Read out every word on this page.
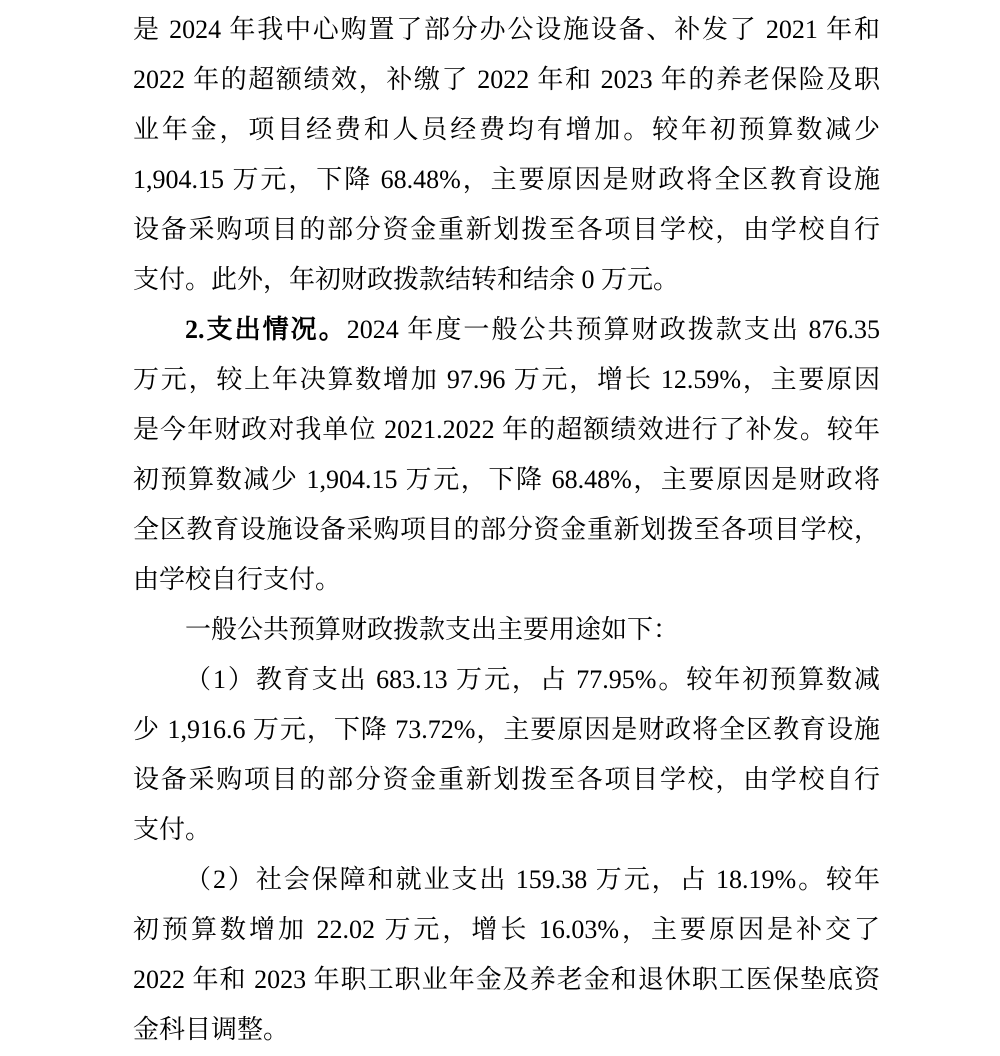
是 2024 年我中心购置了部分办公设施设备、补发了 2021 年和
2022 年的超额绩效，补缴了 2022 年和 2023 年的养老保险及职
业年金，项目经费和人员经费均有增加。较年初预算数减少
1,904.15 万元，下降 68.48%，主要原因是财政将全区教育设施
设备采购项目的部分资金重新划拨至各项目学校，由学校自行
支付。此外，年初财政拨款结转和结余 0 万元。
2.支出情况。2024 年度一般公共预算财政拨款支出 876.35
万元，较上年决算数增加 97.96 万元，增长 12.59%，主要原因
是今年财政对我单位 2021.2022 年的超额绩效进行了补发。较年
初预算数减少 1,904.15 万元，下降 68.48%，主要原因是财政将
全区教育设施设备采购项目的部分资金重新划拨至各项目学校，
由学校自行支付。
一般公共预算财政拨款支出主要用途如下：
（1）教育支出 683.13 万元，占 77.95%。较年初预算数减
少 1,916.6 万元，下降 73.72%，主要原因是财政将全区教育设施
设备采购项目的部分资金重新划拨至各项目学校，由学校自行
支付。
（2）社会保障和就业支出 159.38 万元，占 18.19%。较年
初预算数增加 22.02 万元，增长 16.03%，主要原因是补交了
2022 年和 2023 年职工职业年金及养老金和退休职工医保垫底资
金科目调整。
